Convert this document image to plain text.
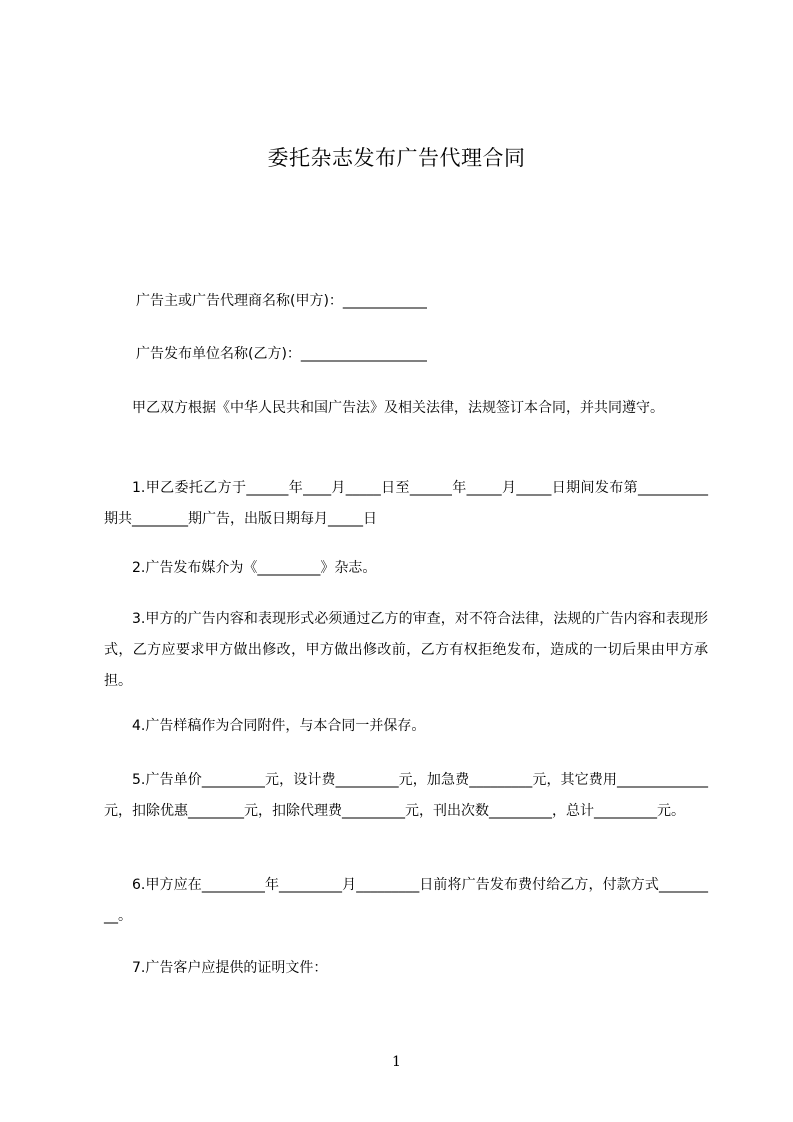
委托杂志发布广告代理合同
广告主或广告代理商名称(甲方)：____________
广告发布单位名称(乙方)：__________________
甲乙双方根据《中华人民共和国广告法》及相关法律，法规签订本合同，并共同遵守。
1.甲乙委托乙方于______年____月_____日至______年_____月_____日期间发布第__________期共________期广告，出版日期每月_____日
2.广告发布媒介为《_________》杂志。
3.甲方的广告内容和表现形式必须通过乙方的审查，对不符合法律，法规的广告内容和表现形式，乙方应要求甲方做出修改，甲方做出修改前，乙方有权拒绝发布，造成的一切后果由甲方承担。
4.广告样稿作为合同附件，与本合同一并保存。
5.广告单价_________元，设计费_________元，加急费_________元，其它费用_____________元，扣除优惠________元，扣除代理费_________元，刊出次数_________，总计_________元。
6.甲方应在_________年_________月_________日前将广告发布费付给乙方，付款方式_________。
7.广告客户应提供的证明文件：
1
